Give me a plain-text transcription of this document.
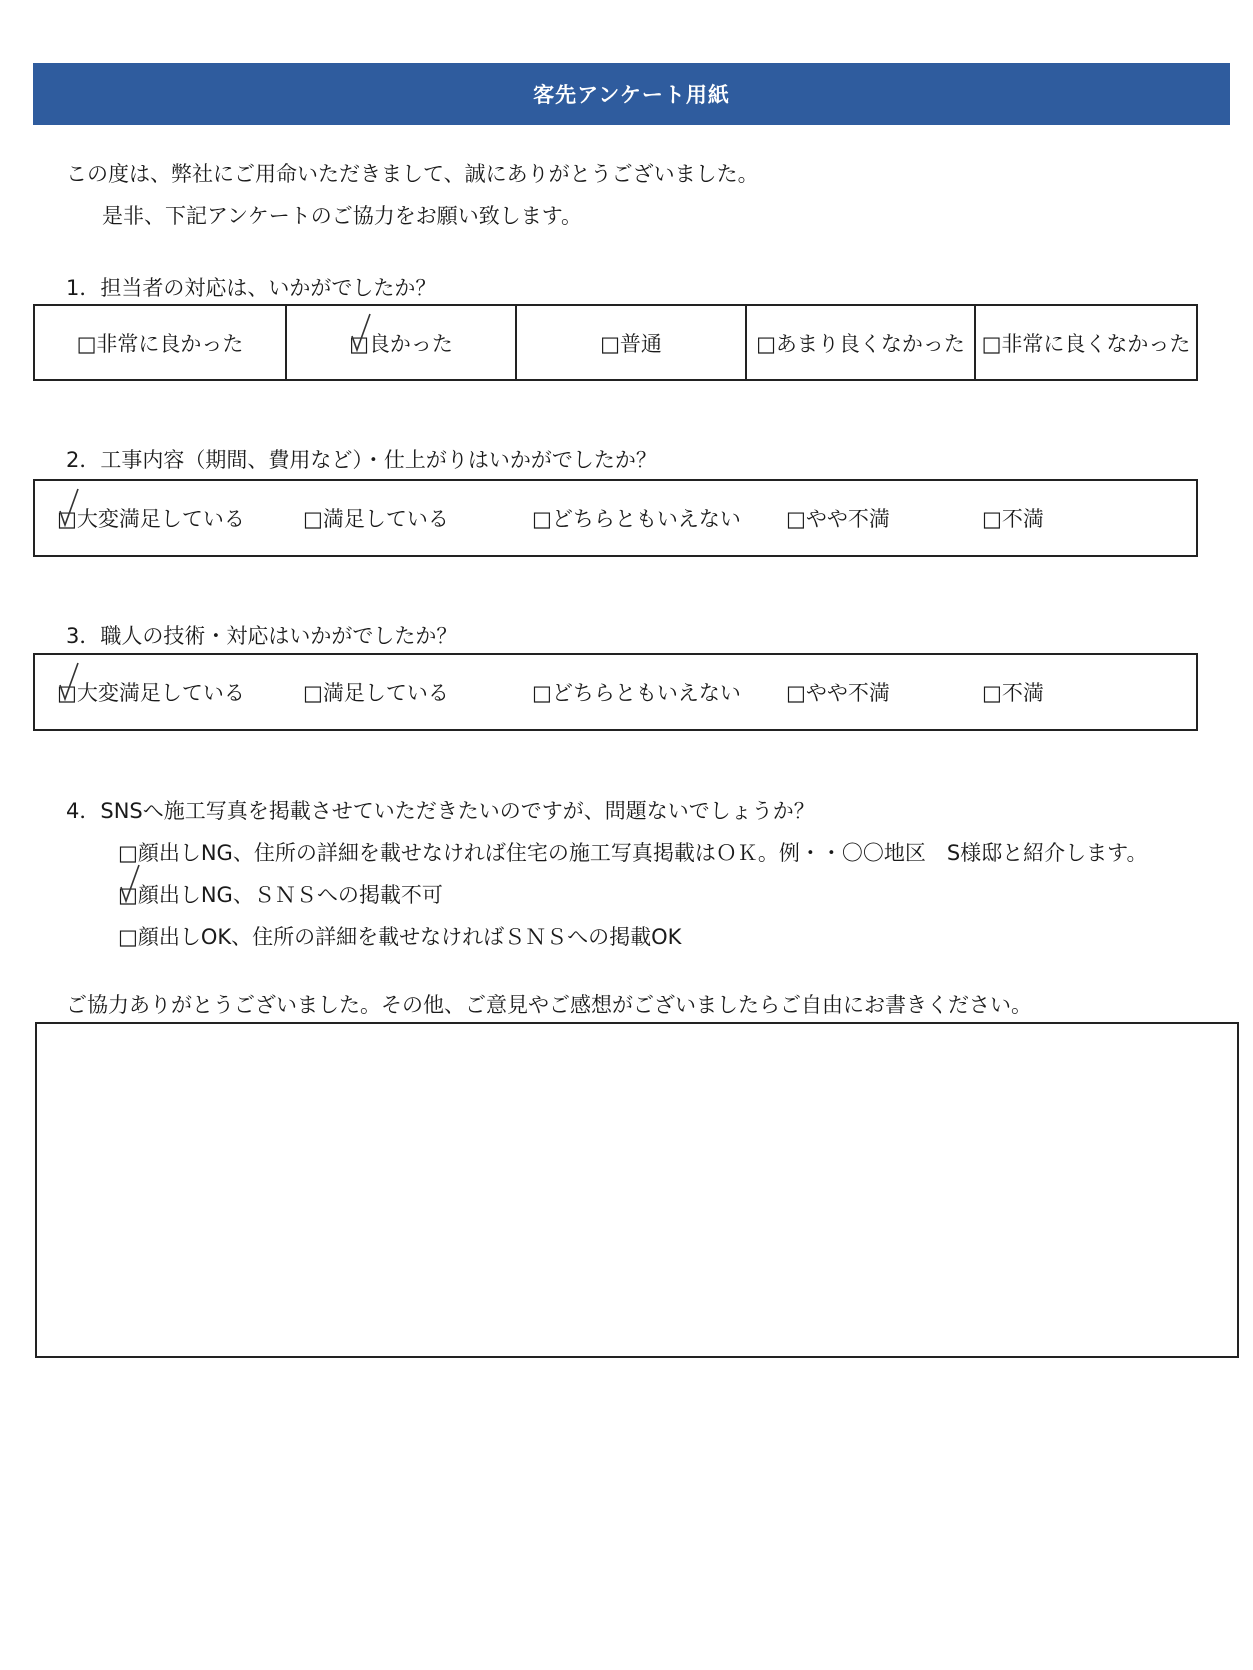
客先アンケート用紙
この度は、弊社にご用命いただきまして、誠にありがとうございました。
是非、下記アンケートのご協力をお願い致します。
1．担当者の対応は、いかがでしたか？
□非常に良かった	□良かった	□普通	□あまり良くなかった □非常に良くなかった
2．工事内容（期間、費用など）・仕上がりはいかがでしたか？
□大変満足している	□満足している	□どちらともいえない □やや不満	□不満
3．職人の技術・対応はいかがでしたか？
□大変満足している	□満足している	□どちらともいえない □やや不満	□不満
4．SNSへ施工写真を掲載させていただきたいのですが、問題ないでしょうか？
□顔出しNG、住所の詳細を載せなければ住宅の施工写真掲載はＯＫ。例・・〇〇地区　S様邸と紹介します。
□顔出しNG、ＳＮＳへの掲載不可
□顔出しOK、住所の詳細を載せなければＳＮＳへの掲載OK
ご協力ありがとうございました。その他、ご意見やご感想がございましたらご自由にお書きください。
